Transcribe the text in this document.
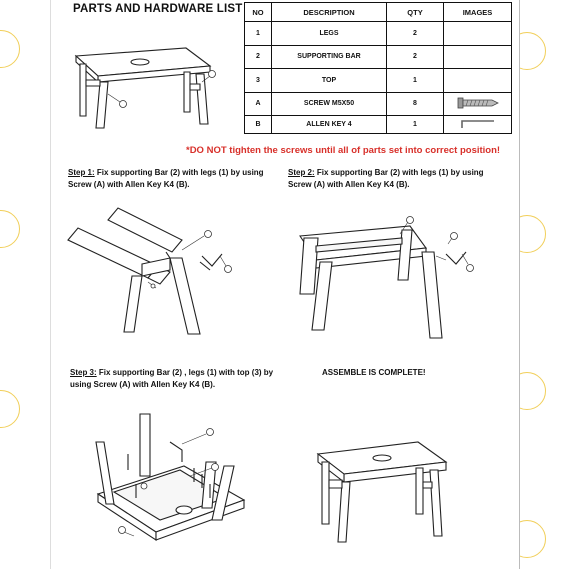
PARTS AND HARDWARE LIST NO	DESCRIPTION	QTY	IMAGES
1	LEGS	2	
2	SUPPORTING BAR	2	
3	TOP	1	
A	SCREW M5X50	8	
B	ALLEN KEY 4	1	
*DO NOT tighten the screws until all of parts set into correct position!
Step 1: Fix supporting Bar (2) with legs (1) by using
Screw (A) with Allen Key K4 (B).
Step 2: Fix supporting Bar (2) with legs (1) by using
Screw (A) with Allen Key K4 (B).
Step 3: Fix supporting Bar (2) , legs (1) with top (3) by
using Screw (A) with Allen Key K4 (B).
ASSEMBLE IS COMPLETE!
